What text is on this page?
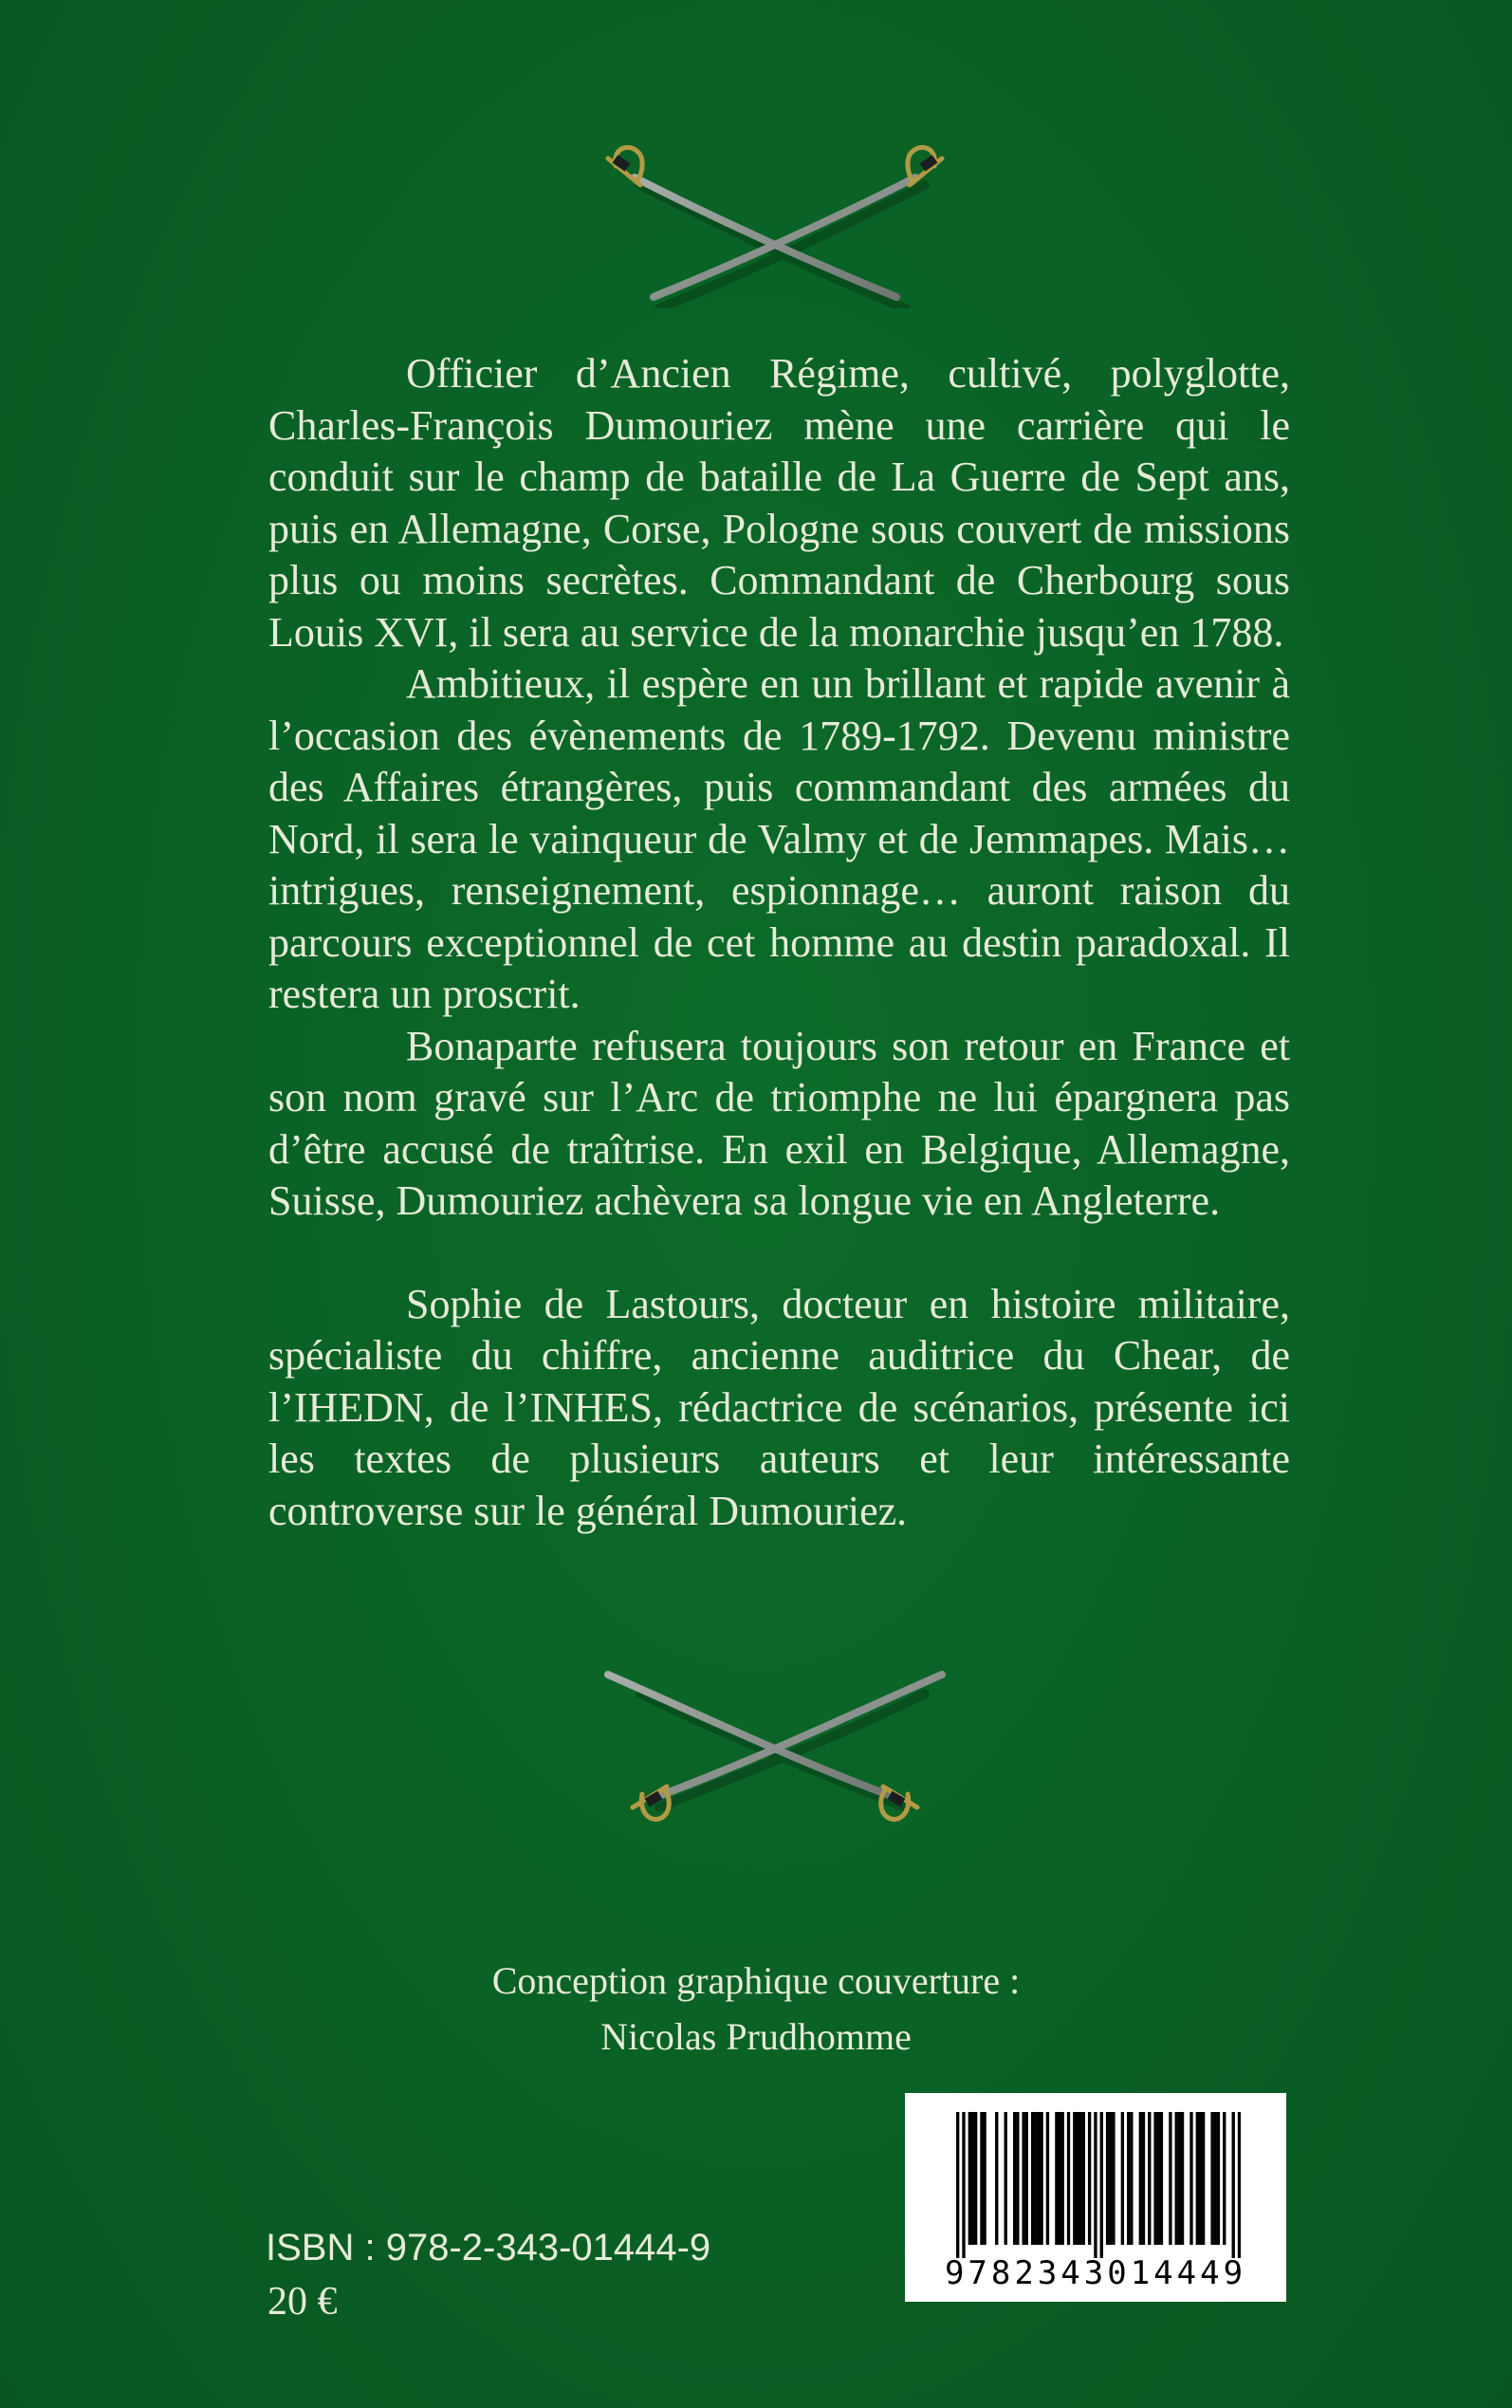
Officier d’Ancien Régime, cultivé, polyglotte, Charles-François Dumouriez mène une carrière qui le conduit sur le champ de bataille de La Guerre de Sept ans, puis en Allemagne, Corse, Pologne sous couvert de missions plus ou moins secrètes. Commandant de Cherbourg sous Louis XVI, il sera au service de la monarchie jusqu’en 1788.

Ambitieux, il espère en un brillant et rapide avenir à l’occasion des évènements de 1789-1792. Devenu ministre des Affaires étrangères, puis commandant des armées du Nord, il sera le vainqueur de Valmy et de Jemmapes. Mais… intrigues, renseignement, espionnage… auront raison du parcours exceptionnel de cet homme au destin paradoxal. Il restera un proscrit.

Bonaparte refusera toujours son retour en France et son nom gravé sur l’Arc de triomphe ne lui épargnera pas d’être accusé de traîtrise. En exil en Belgique, Allemagne, Suisse, Dumouriez achèvera sa longue vie en Angleterre.

Sophie de Lastours, docteur en histoire militaire, spécialiste du chiffre, ancienne auditrice du Chear, de l’IHEDN, de l’INHES, rédactrice de scénarios, présente ici les textes de plusieurs auteurs et leur intéressante controverse sur le général Dumouriez.

Conception graphique couverture :
Nicolas Prudhomme
ISBN : 978-2-343-01444-9
20 €
9782343014449
